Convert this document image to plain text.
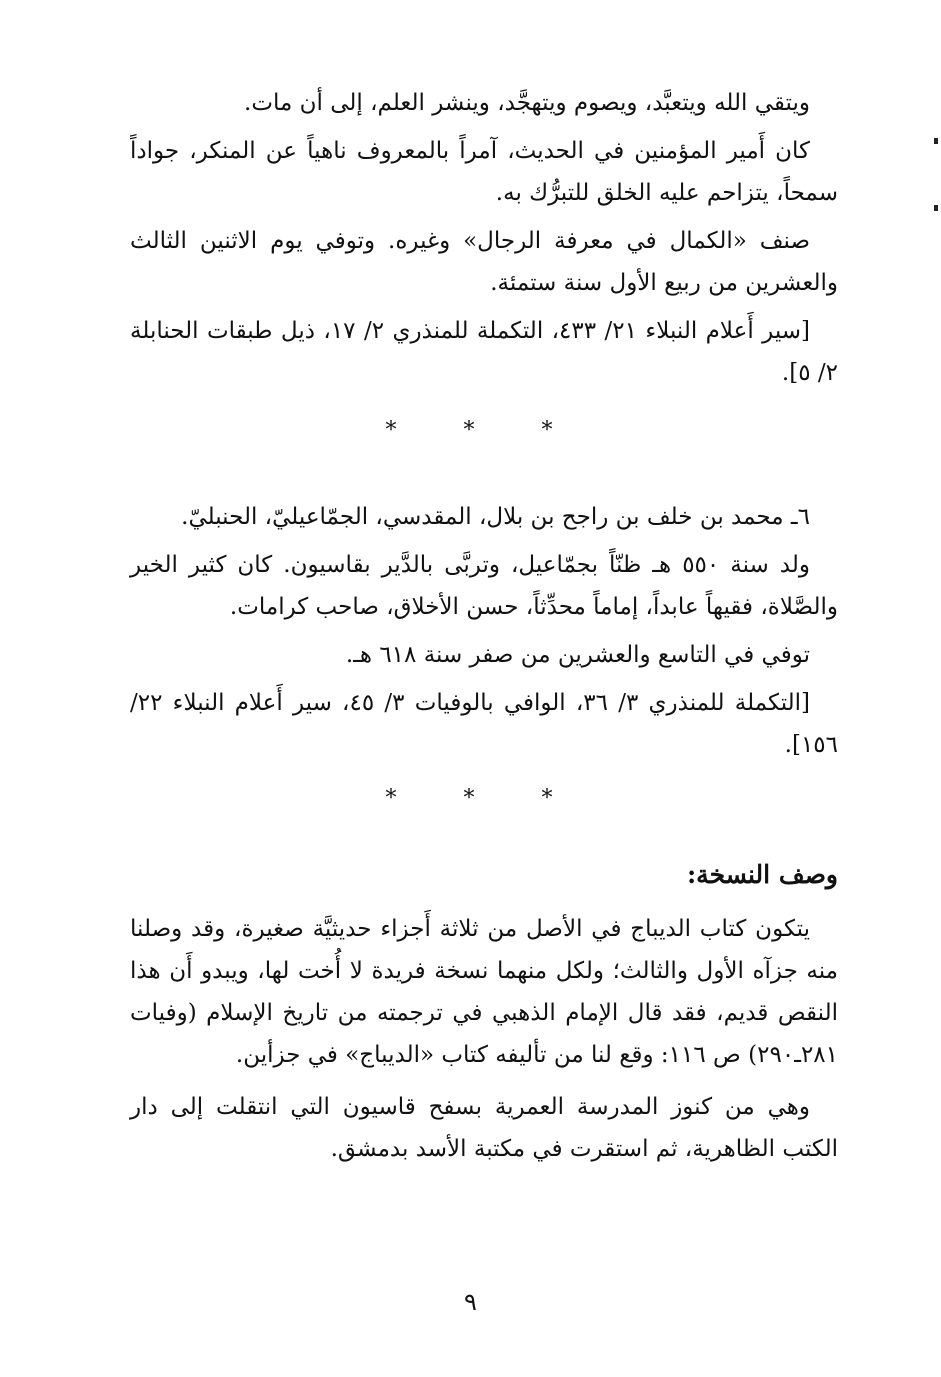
ويتقي الله ويتعبَّد، ويصوم ويتهجَّد، وينشر العلم، إلى أن مات.

كان أَمير المؤمنين في الحديث، آمراً بالمعروف ناهياً عن المنكر، جواداً سمحاً، يتزاحم عليه الخلق للتبرُّك به.

صنف «الكمال في معرفة الرجال» وغيره. وتوفي يوم الاثنين الثالث والعشرين من ربيع الأول سنة ستمئة.

[سير أَعلام النبلاء ٢١/ ٤٣٣، التكملة للمنذري ٢/ ١٧، ذيل طبقات الحنابلة ٢/ ٥].

* * *

٦ـ محمد بن خلف بن راجح بن بلال، المقدسي، الجمّاعيليّ، الحنبليّ.

ولد سنة ٥٥٠ هـ ظنّاً بجمّاعيل، وتربَّى بالدَّير بقاسيون. كان كثير الخير والصَّلاة، فقيهاً عابداً، إماماً محدِّثاً، حسن الأخلاق، صاحب كرامات.

توفي في التاسع والعشرين من صفر سنة ٦١٨ هـ.

[التكملة للمنذري ٣/ ٣٦، الوافي بالوفيات ٣/ ٤٥، سير أَعلام النبلاء ٢٢/ ١٥٦].

* * *
وصف النسخة:

يتكون كتاب الديباج في الأصل من ثلاثة أَجزاء حديثيَّة صغيرة، وقد وصلنا منه جزآه الأول والثالث؛ ولكل منهما نسخة فريدة لا أُخت لها، ويبدو أَن هذا النقص قديم، فقد قال الإمام الذهبي في ترجمته من تاريخ الإسلام (وفيات ٢٨١ـ٢٩٠) ص ١١٦: وقع لنا من تأليفه كتاب «الديباج» في جزأين.

وهي من كنوز المدرسة العمرية بسفح قاسيون التي انتقلت إلى دار الكتب الظاهرية، ثم استقرت في مكتبة الأسد بدمشق.

٩
